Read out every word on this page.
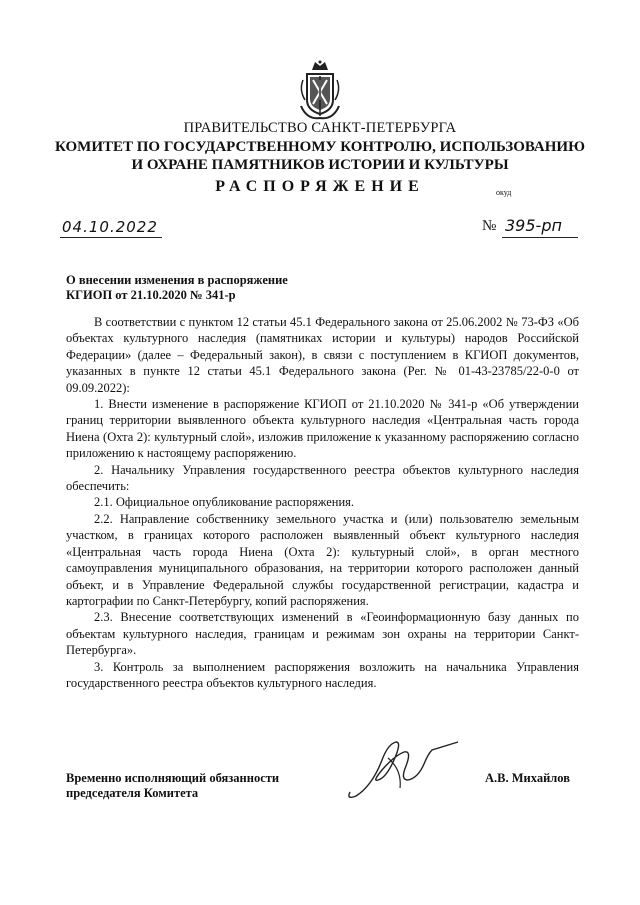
ПРАВИТЕЛЬСТВО САНКТ-ПЕТЕРБУРГА
КОМИТЕТ ПО ГОСУДАРСТВЕННОМУ КОНТРОЛЮ, ИСПОЛЬЗОВАНИЮ
И ОХРАНЕ ПАМЯТНИКОВ ИСТОРИИ И КУЛЬТУРЫ
РАСПОРЯЖЕНИЕ	окуд
04.10.2022	№ 395-рп
О внесении изменения в распоряжение
КГИОП от 21.10.2020 № 341-р

В соответствии с пунктом 12 статьи 45.1 Федерального закона от 25.06.2002 № 73-ФЗ «Об объектах культурного наследия (памятниках истории и культуры) народов Российской Федерации» (далее – Федеральный закон), в связи с поступлением в КГИОП документов, указанных в пункте 12 статьи 45.1 Федерального закона (Рег. № 01-43-23785/22-0-0 от 09.09.2022):

1. Внести изменение в распоряжение КГИОП от 21.10.2020 № 341-р «Об утверждении границ территории выявленного объекта культурного наследия «Центральная часть города Ниена (Охта 2): культурный слой», изложив приложение к указанному распоряжению согласно приложению к настоящему распоряжению.

2. Начальнику Управления государственного реестра объектов культурного наследия обеспечить:

2.1. Официальное опубликование распоряжения.

2.2. Направление собственнику земельного участка и (или) пользователю земельным участком, в границах которого расположен выявленный объект культурного наследия «Центральная часть города Ниена (Охта 2): культурный слой», в орган местного самоуправления муниципального образования, на территории которого расположен данный объект, и в Управление Федеральной службы государственной регистрации, кадастра и картографии по Санкт-Петербургу, копий распоряжения.

2.3. Внесение соответствующих изменений в «Геоинформационную базу данных по объектам культурного наследия, границам и режимам зон охраны на территории Санкт-Петербурга».

3. Контроль за выполнением распоряжения возложить на начальника Управления государственного реестра объектов культурного наследия.

Временно исполняющий обязанности
председателя Комитета
А.В. Михайлов
